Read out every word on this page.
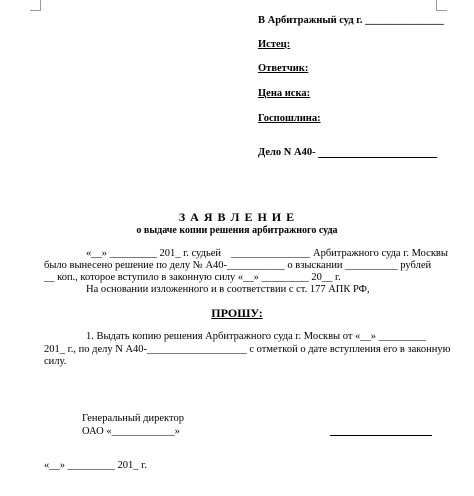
В Арбитражный суд г. _______________
Истец:
Ответчик:
Цена иска:
Госпошлина:
Дело N А40-
З А Я В Л Е Н И Е
о выдаче копии решения арбитражного суда
«__» _________ 201_ г. судьей _______________ Арбитражного суда г. Москвы
было вынесено решение по делу № А40-___________ о взыскании __________ рублей
__ коп., которое вступило в законную силу «__» _________ 20__ г.
На основании изложенного и в соответствии с ст. 177 АПК РФ,
ПРОШУ:
1. Выдать копию решения Арбитражного суда г. Москвы от «__» _________
201_ г., по делу N А40-___________________ с отметкой о дате вступления его в законную
силу.
Генеральный директор
ОАО «____________»
«__» _________ 201_ г.
